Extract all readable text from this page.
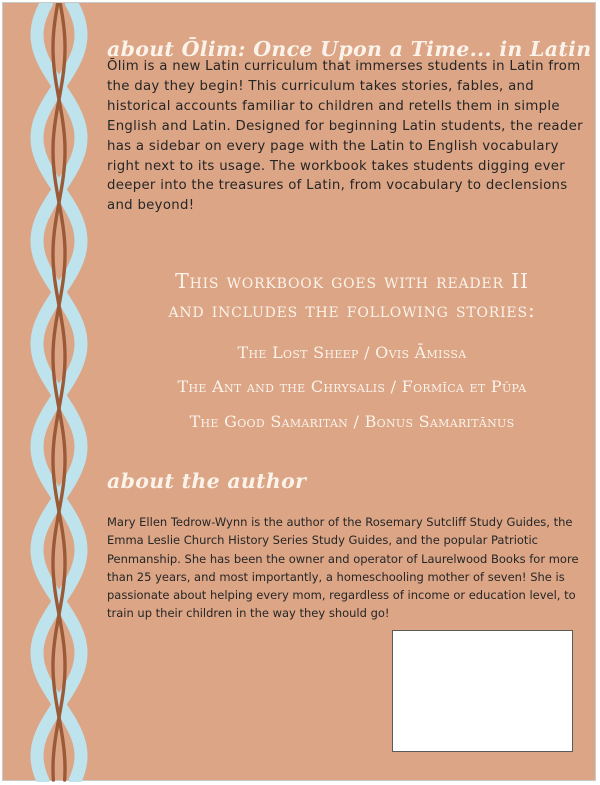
about Ōlim: Once Upon a Time... in Latin

Ōlim is a new Latin curriculum that immerses students in Latin from the day they begin! This curriculum takes stories, fables, and historical accounts familiar to children and retells them in simple English and Latin. Designed for beginning Latin students, the reader has a sidebar on every page with the Latin to English vocabulary right next to its usage. The workbook takes students digging ever deeper into the treasures of Latin, from vocabulary to declensions and beyond!

This workbook goes with reader II
and includes the following stories:
The Lost Sheep / Ovis Āmissa
The Ant and the Chrysalis / Formīca et Pūpa
The Good Samaritan / Bonus Samaritānus
about the author

Mary Ellen Tedrow-Wynn is the author of the Rosemary Sutcliff Study Guides, the Emma Leslie Church History Series Study Guides, and the popular Patriotic Penmanship. She has been the owner and operator of Laurelwood Books for more than 25 years, and most importantly, a homeschooling mother of seven! She is passionate about helping every mom, regardless of income or education level, to train up their children in the way they should go!
